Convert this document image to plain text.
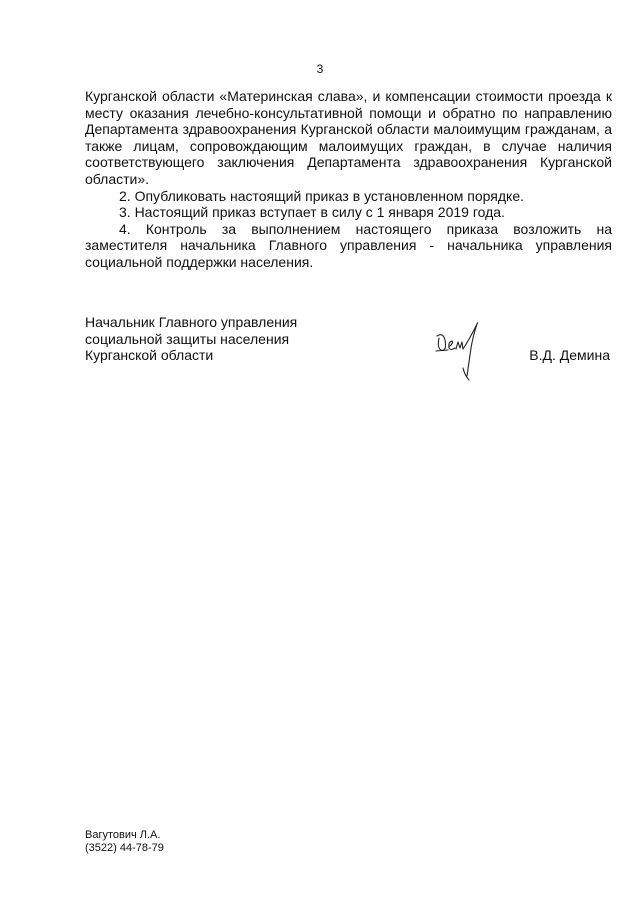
3

Курганской области «Материнская слава», и компенсации стоимости проезда к месту оказания лечебно-консультативной помощи и обратно по направлению Департамента здравоохранения Курганской области малоимущим гражданам, а также лицам, сопровождающим малоимущих граждан, в случае наличия соответствующего заключения Департамента здравоохранения Курганской области».

2. Опубликовать настоящий приказ в установленном порядке.

3. Настоящий приказ вступает в силу с 1 января 2019 года.

4. Контроль за выполнением настоящего приказа возложить на заместителя начальника Главного управления - начальника управления социальной поддержки населения.

Начальник Главного управления
социальной защиты населения
Курганской области	В.Д. Демина
Вагутович Л.А.
(3522) 44-78-79
